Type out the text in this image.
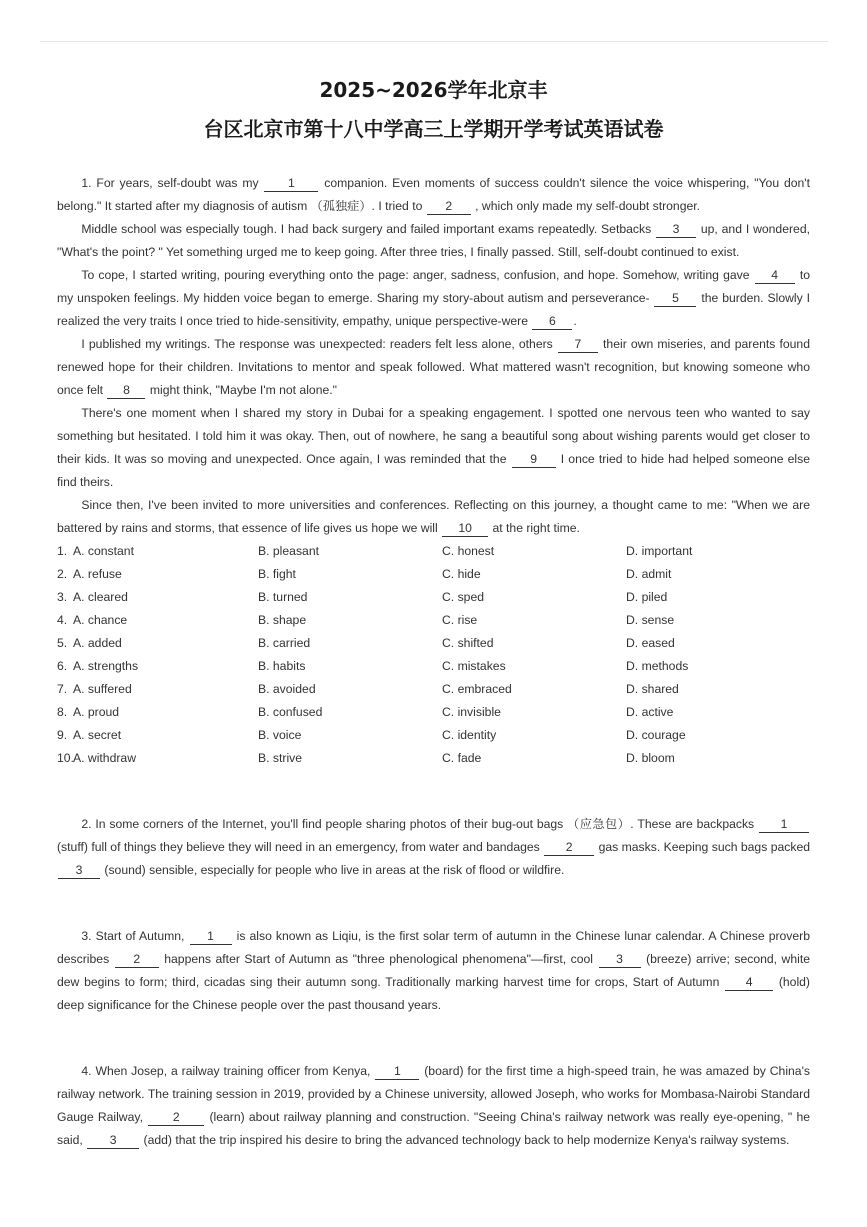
2025~2026学年北京丰
台区北京市第十八中学高三上学期开学考试英语试卷

1. For years, self-doubt was my 1 companion. Even moments of success couldn't silence the voice whispering, "You don't belong." It started after my diagnosis of autism （孤独症）. I tried to 2 , which only made my self-doubt stronger.

Middle school was especially tough. I had back surgery and failed important exams repeatedly. Setbacks 3 up, and I wondered, "What's the point? " Yet something urged me to keep going. After three tries, I finally passed. Still, self-doubt continued to exist.

To cope, I started writing, pouring everything onto the page: anger, sadness, confusion, and hope. Somehow, writing gave 4 to my unspoken feelings. My hidden voice began to emerge. Sharing my story-about autism and perseverance- 5 the burden. Slowly I realized the very traits I once tried to hide-sensitivity, empathy, unique perspective-were 6 .

I published my writings. The response was unexpected: readers felt less alone, others 7 their own miseries, and parents found renewed hope for their children. Invitations to mentor and speak followed. What mattered wasn't recognition, but knowing someone who once felt 8 might think, "Maybe I'm not alone."

There's one moment when I shared my story in Dubai for a speaking engagement. I spotted one nervous teen who wanted to say something but hesitated. I told him it was okay. Then, out of nowhere, he sang a beautiful song about wishing parents would get closer to their kids. It was so moving and unexpected. Once again, I was reminded that the 9 I once tried to hide had helped someone else find theirs.

Since then, I've been invited to more universities and conferences. Reflecting on this journey, a thought came to me: "When we are battered by rains and storms, that essence of life gives us hope we will 10 at the right time.

1. A. constant	B. pleasant	C. honest	D. important
2. A. refuse	B. fight	C. hide	D. admit
3. A. cleared	B. turned	C. sped	D. piled
4. A. chance	B. shape	C. rise	D. sense
5. A. added	B. carried	C. shifted	D. eased
6. A. strengths	B. habits	C. mistakes	D. methods
7. A. suffered	B. avoided	C. embraced	D. shared
8. A. proud	B. confused	C. invisible	D. active
9. A. secret	B. voice	C. identity	D. courage
10. A. withdraw	B. strive	C. fade	D. bloom

2. In some corners of the Internet, you'll find people sharing photos of their bug-out bags （应急包）. These are backpacks 1 (stuff) full of things they believe they will need in an emergency, from water and bandages 2 gas masks. Keeping such bags packed 3 (sound) sensible, especially for people who live in areas at the risk of flood or wildfire.

3. Start of Autumn, 1 is also known as Liqiu, is the first solar term of autumn in the Chinese lunar calendar. A Chinese proverb describes 2 happens after Start of Autumn as "three phenological phenomena"—first, cool 3 (breeze) arrive; second, white dew begins to form; third, cicadas sing their autumn song. Traditionally marking harvest time for crops, Start of Autumn 4 (hold) deep significance for the Chinese people over the past thousand years.

4. When Josep, a railway training officer from Kenya, 1 (board) for the first time a high-speed train, he was amazed by China's railway network. The training session in 2019, provided by a Chinese university, allowed Joseph, who works for Mombasa-Nairobi Standard Gauge Railway, 2 (learn) about railway planning and construction. "Seeing China's railway network was really eye-opening, " he said, 3 (add) that the trip inspired his desire to bring the advanced technology back to help modernize Kenya's railway systems.
